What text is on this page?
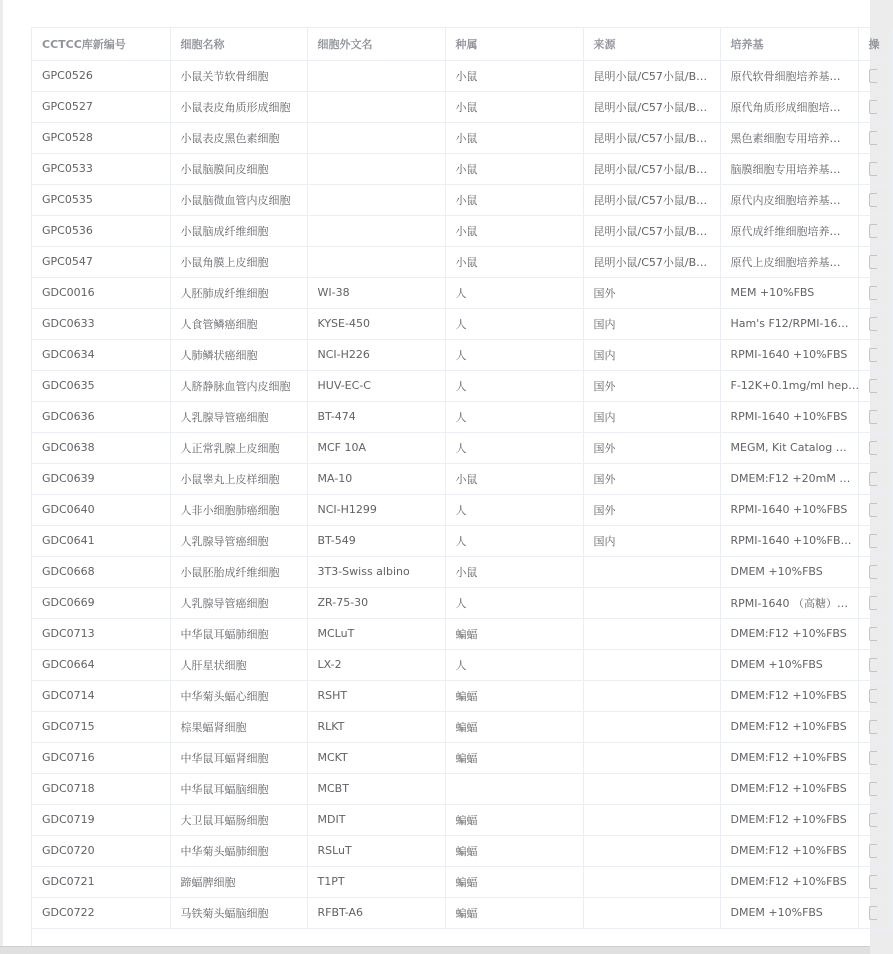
CCTCC库新编号	细胞名称	细胞外文名	种属	来源	培养基	操
GPC0526	小鼠关节软骨细胞		小鼠	昆明小鼠/C57小鼠/B…	原代软骨细胞培养基…	
GPC0527	小鼠表皮角质形成细胞		小鼠	昆明小鼠/C57小鼠/B…	原代角质形成细胞培…	
GPC0528	小鼠表皮黑色素细胞		小鼠	昆明小鼠/C57小鼠/B…	黑色素细胞专用培养…	
GPC0533	小鼠脑膜间皮细胞		小鼠	昆明小鼠/C57小鼠/B…	脑膜细胞专用培养基…	
GPC0535	小鼠脑微血管内皮细胞		小鼠	昆明小鼠/C57小鼠/B…	原代内皮细胞培养基…	
GPC0536	小鼠脑成纤维细胞		小鼠	昆明小鼠/C57小鼠/B…	原代成纤维细胞培养…	
GPC0547	小鼠角膜上皮细胞		小鼠	昆明小鼠/C57小鼠/B…	原代上皮细胞培养基…	
GDC0016	人胚肺成纤维细胞	WI-38	人	国外	MEM +10%FBS	
GDC0633	人食管鳞癌细胞	KYSE-450	人	国内	Ham's F12/RPMI-16…	
GDC0634	人肺鳞状癌细胞	NCI-H226	人	国内	RPMI-1640 +10%FBS	
GDC0635	人脐静脉血管内皮细胞	HUV-EC-C	人	国外	F-12K+0.1mg/ml hep…	
GDC0636	人乳腺导管癌细胞	BT-474	人	国内	RPMI-1640 +10%FBS	
GDC0638	人正常乳腺上皮细胞	MCF 10A	人	国外	MEGM, Kit Catalog …	
GDC0639	小鼠睾丸上皮样细胞	MA-10	小鼠	国外	DMEM:F12 +20mM …	
GDC0640	人非小细胞肺癌细胞	NCI-H1299	人	国外	RPMI-1640 +10%FBS	
GDC0641	人乳腺导管癌细胞	BT-549	人	国内	RPMI-1640 +10%FB…	
GDC0668	小鼠胚胎成纤维细胞	3T3-Swiss albino	小鼠		DMEM +10%FBS	
GDC0669	人乳腺导管癌细胞	ZR-75-30	人		RPMI-1640 （高糖）…	
GDC0713	中华鼠耳蝠肺细胞	MCLuT	蝙蝠		DMEM:F12 +10%FBS	
GDC0664	人肝星状细胞	LX-2	人		DMEM +10%FBS	
GDC0714	中华菊头蝠心细胞	RSHT	蝙蝠		DMEM:F12 +10%FBS	
GDC0715	棕果蝠肾细胞	RLKT	蝙蝠		DMEM:F12 +10%FBS	
GDC0716	中华鼠耳蝠肾细胞	MCKT	蝙蝠		DMEM:F12 +10%FBS	
GDC0718	中华鼠耳蝠脑细胞	MCBT			DMEM:F12 +10%FBS	
GDC0719	大卫鼠耳蝠肠细胞	MDIT	蝙蝠		DMEM:F12 +10%FBS	
GDC0720	中华菊头蝠肺细胞	RSLuT	蝙蝠		DMEM:F12 +10%FBS	
GDC0721	蹄蝠脾细胞	T1PT	蝙蝠		DMEM:F12 +10%FBS	
GDC0722	马铁菊头蝠脑细胞	RFBT-A6	蝙蝠		DMEM +10%FBS	
